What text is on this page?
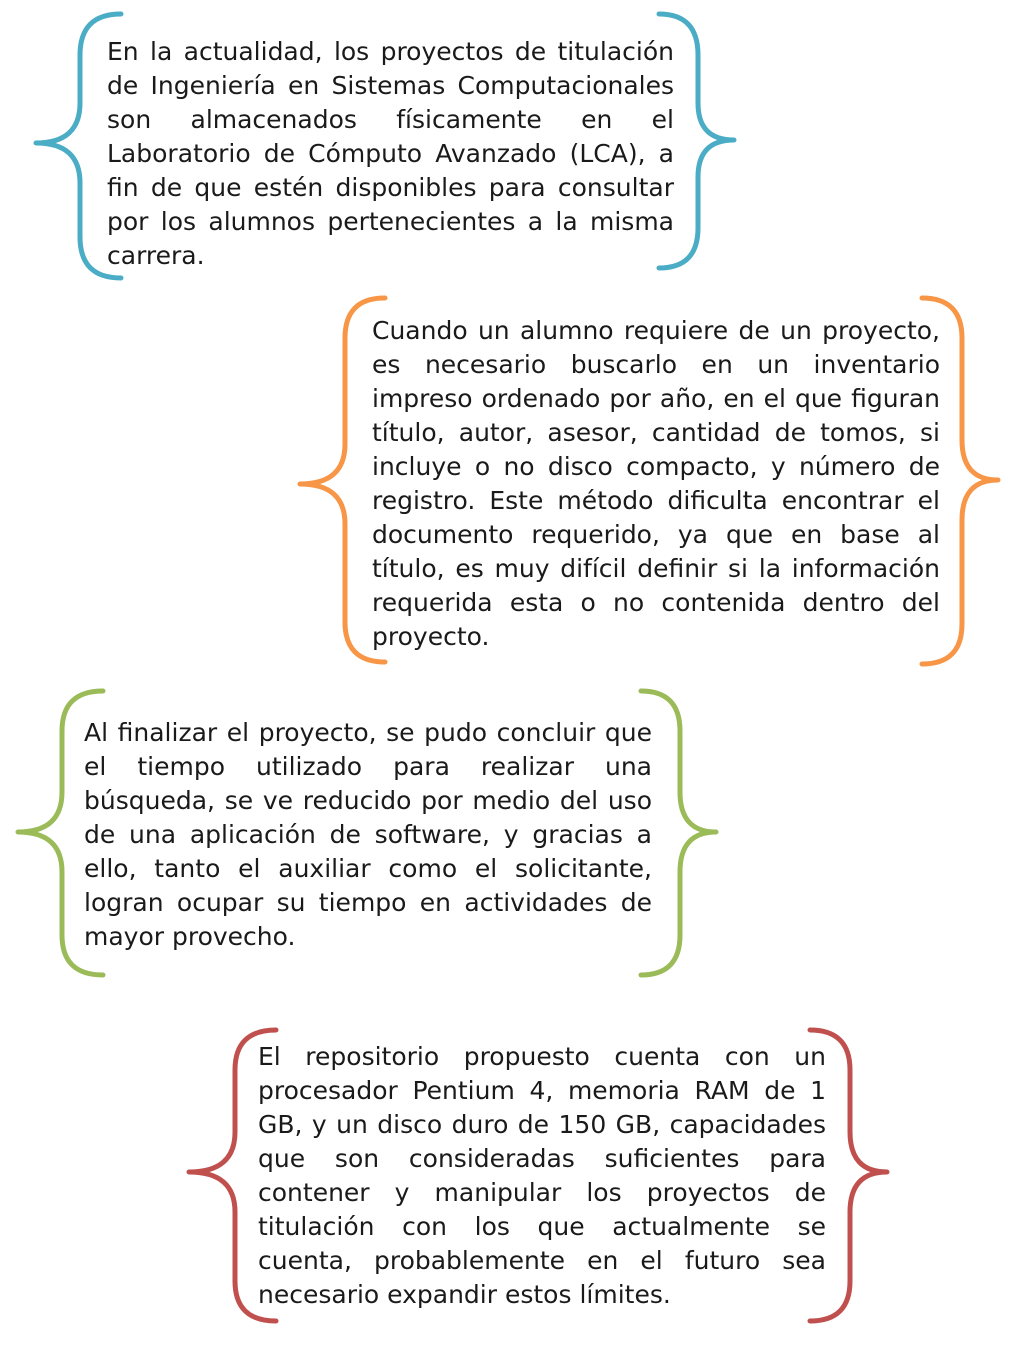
En la actualidad, los proyectos de titulación de Ingeniería en Sistemas Computacionales son almacenados físicamente en el Laboratorio de Cómputo Avanzado (LCA), a fin de que estén disponibles para consultar por los alumnos pertenecientes a la misma carrera.

Cuando un alumno requiere de un proyecto, es necesario buscarlo en un inventario impreso ordenado por año, en el que figuran título, autor, asesor, cantidad de tomos, si incluye o no disco compacto, y número de registro. Este método dificulta encontrar el documento requerido, ya que en base al título, es muy difícil definir si la información requerida esta o no contenida dentro del proyecto.

Al finalizar el proyecto, se pudo concluir que el tiempo utilizado para realizar una búsqueda, se ve reducido por medio del uso de una aplicación de software, y gracias a ello, tanto el auxiliar como el solicitante, logran ocupar su tiempo en actividades de mayor provecho.

El repositorio propuesto cuenta con un procesador Pentium 4, memoria RAM de 1 GB, y un disco duro de 150 GB, capacidades que son consideradas suficientes para contener y manipular los proyectos de titulación con los que actualmente se cuenta, probablemente en el futuro sea necesario expandir estos límites.
